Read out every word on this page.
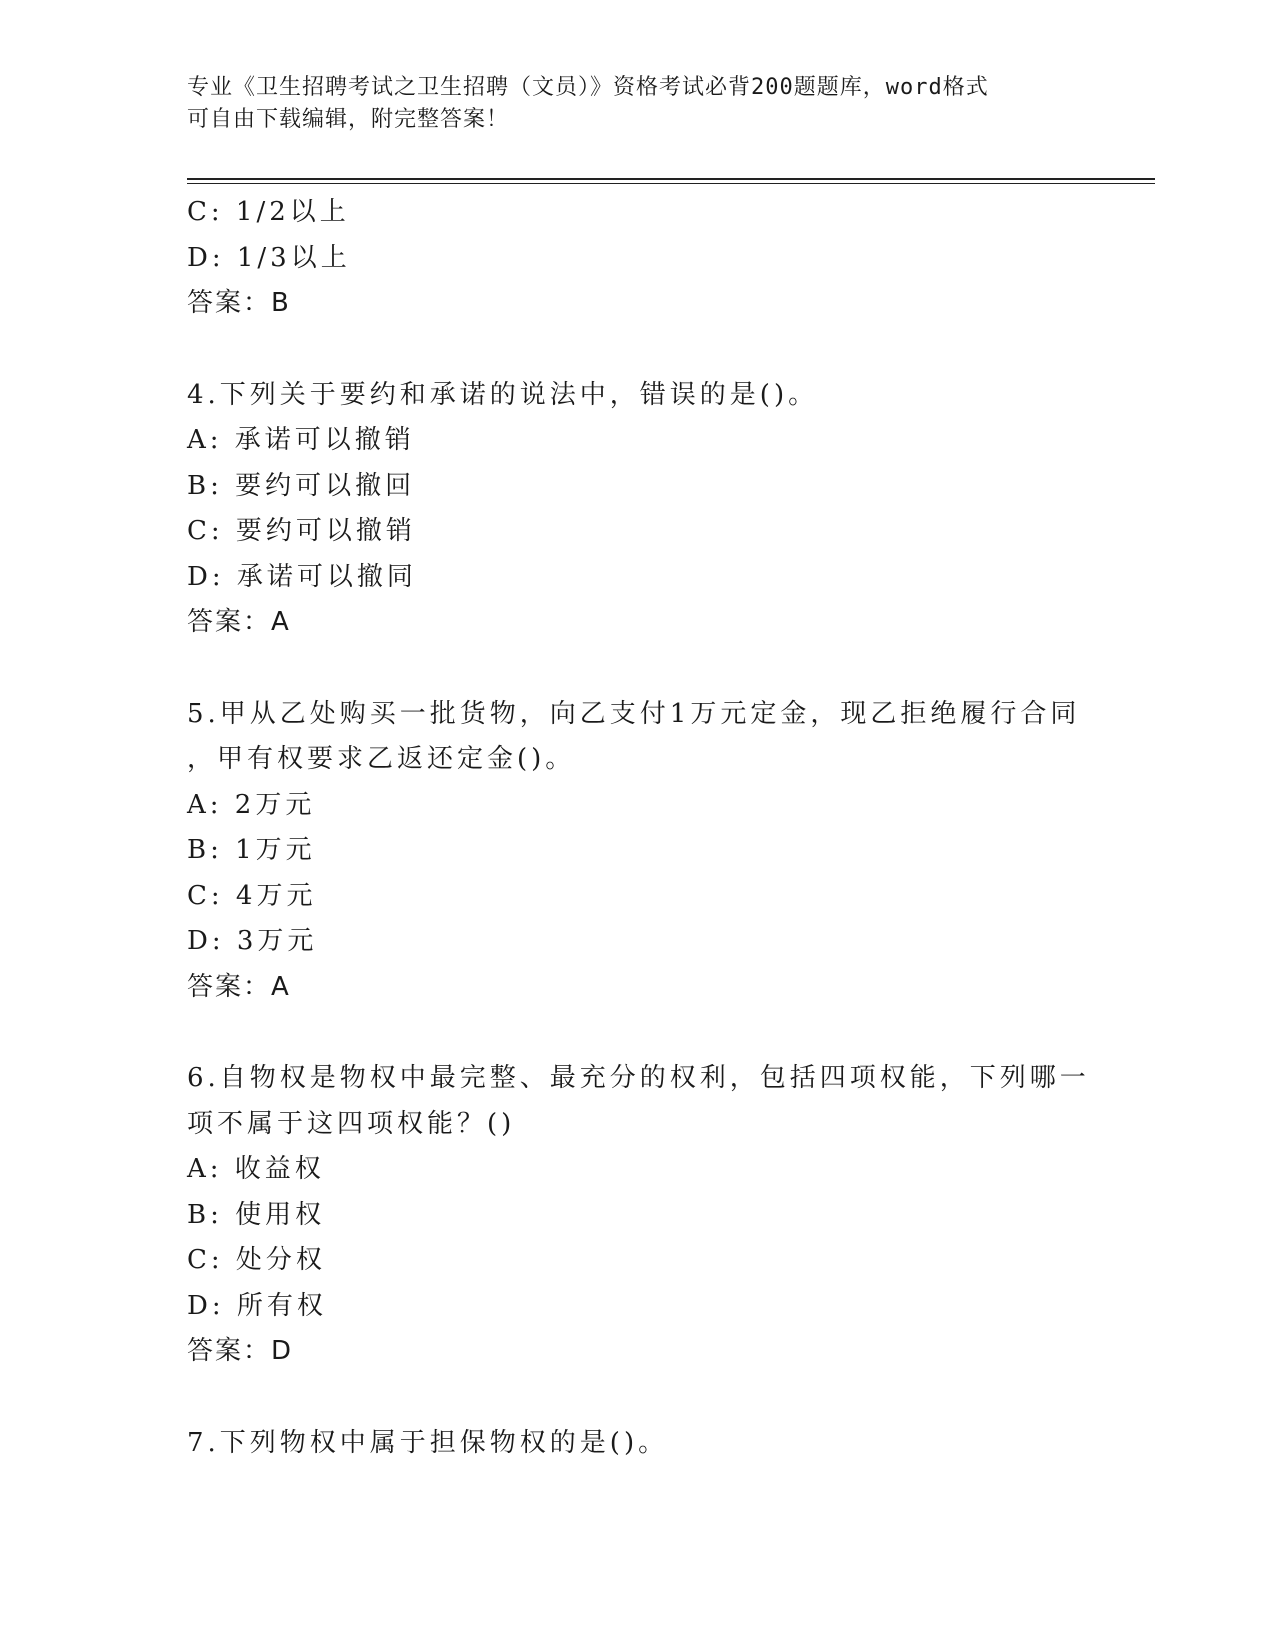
专业《卫生招聘考试之卫生招聘（文员）》资格考试必背200题题库，word格式
可自由下载编辑，附完整答案！
C: 1/2以上
D: 1/3以上
答案：B
4.下列关于要约和承诺的说法中，错误的是()。
A: 承诺可以撤销
B: 要约可以撤回
C: 要约可以撤销
D: 承诺可以撤同
答案：A
5.甲从乙处购买一批货物，向乙支付1万元定金，现乙拒绝履行合同
，甲有权要求乙返还定金()。
A: 2万元
B: 1万元
C: 4万元
D: 3万元
答案：A
6.自物权是物权中最完整、最充分的权利，包括四项权能，下列哪一
项不属于这四项权能？()
A: 收益权
B: 使用权
C: 处分权
D: 所有权
答案：D
7.下列物权中属于担保物权的是()。
